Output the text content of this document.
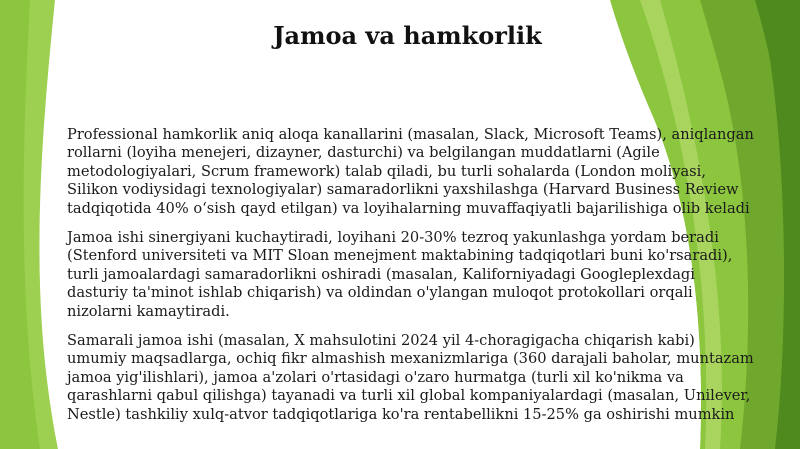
Jamoa va hamkorlik

Professional hamkorlik aniq aloqa kanallarini (masalan, Slack, Microsoft Teams), aniqlangan rollarni (loyiha menejeri, dizayner, dasturchi) va belgilangan muddatlarni (Agile metodologiyalari, Scrum framework) talab qiladi, bu turli sohalarda (London moliyasi, Silikon vodiysidagi texnologiyalar) samaradorlikni yaxshilashga (Harvard Business Review tadqiqotida 40% o‘sish qayd etilgan) va loyihalarning muvaffaqiyatli bajarilishiga olib keladi

Jamoa ishi sinergiyani kuchaytiradi, loyihani 20-30% tezroq yakunlashga yordam beradi (Stenford universiteti va MIT Sloan menejment maktabining tadqiqotlari buni ko'rsaradi), turli jamoalardagi samaradorlikni oshiradi (masalan, Kaliforniyadagi Googleplexdagi dasturiy ta'minot ishlab chiqarish) va oldindan o'ylangan muloqot protokollari orqali nizolarni kamaytiradi.

Samarali jamoa ishi (masalan, X mahsulotini 2024 yil 4-choragigacha chiqarish kabi) umumiy maqsadlarga, ochiq fikr almashish mexanizmlariga (360 darajali baholar, muntazam jamoa yig'ilishlari), jamoa a'zolari o'rtasidagi o'zaro hurmatga (turli xil ko'nikma va qarashlarni qabul qilishga) tayanadi va turli xil global kompaniyalardagi (masalan, Unilever, Nestle) tashkiliy xulq-atvor tadqiqotlariga ko'ra rentabellikni 15-25% ga oshirishi mumkin
